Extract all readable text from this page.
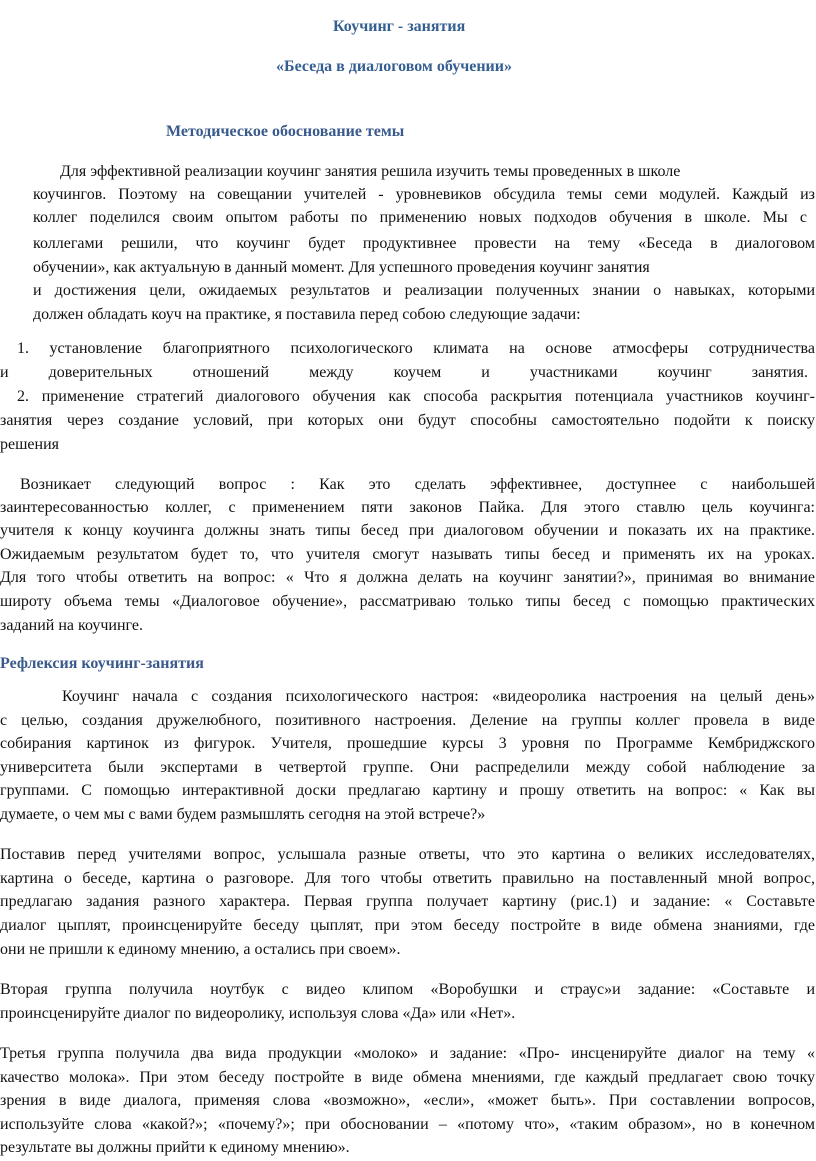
Коучинг - занятия
«Беседа в диалоговом обучении»
Методическое обоснование темы
Для эффективной реализации коучинг занятия решила изучить темы проведенных в школе
коучингов. Поэтому на совещании учителей - уровневиков обсудила темы семи модулей. Каждый из
коллег поделился своим опытом работы по применению новых подходов обучения в школе. Мы с
коллегами решили, что коучинг будет продуктивнее провести на тему «Беседа в диалоговом
обучении», как актуальную в данный момент. Для успешного проведения коучинг занятия
и достижения цели, ожидаемых результатов и реализации полученных знании о навыках, которыми
должен обладать коуч на практике, я поставила перед собою следующие задачи:
1. установление благоприятного психологического климата на основе атмосферы сотрудничества
и доверительных отношений между коучем и участниками коучинг занятия.
2. применение стратегий диалогового обучения как способа раскрытия потенциала участников коучинг-
занятия через создание условий, при которых они будут способны самостоятельно подойти к поиску
решения
Возникает следующий вопрос : Как это сделать эффективнее, доступнее с наибольшей
заинтересованностью коллег, с применением пяти законов Пайка. Для этого ставлю цель коучинга:
учителя к концу коучинга должны знать типы бесед при диалоговом обучении и показать их на практике.
Ожидаемым результатом будет то, что учителя смогут называть типы бесед и применять их на уроках.
Для того чтобы ответить на вопрос: « Что я должна делать на коучинг занятии?», принимая во внимание
широту объема темы «Диалоговое обучение», рассматриваю только типы бесед с помощью практических
заданий на коучинге.
Рефлексия коучинг-занятия
Коучинг начала с создания психологического настроя: «видеоролика настроения на целый день»
с целью, создания дружелюбного, позитивного настроения. Деление на группы коллег провела в виде
собирания картинок из фигурок. Учителя, прошедшие курсы 3 уровня по Программе Кембриджского
университета были экспертами в четвертой группе. Они распределили между собой наблюдение за
группами. С помощью интерактивной доски предлагаю картину и прошу ответить на вопрос: « Как вы
думаете, о чем мы с вами будем размышлять сегодня на этой встрече?»
Поставив перед учителями вопрос, услышала разные ответы, что это картина о великих исследователях,
картина о беседе, картина о разговоре. Для того чтобы ответить правильно на поставленный мной вопрос,
предлагаю задания разного характера. Первая группа получает картину (рис.1) и задание: « Составьте
диалог цыплят, проинсценируйте беседу цыплят, при этом беседу постройте в виде обмена знаниями, где
они не пришли к единому мнению, а остались при своем».
Вторая группа получила ноутбук с видео клипом «Воробушки и страус»и задание: «Составьте и
проинсценируйте диалог по видеоролику, используя слова «Да» или «Нет».
Третья группа получила два вида продукции «молоко» и задание: «Про- инсценируйте диалог на тему «
качество молока». При этом беседу постройте в виде обмена мнениями, где каждый предлагает свою точку
зрения в виде диалога, применяя слова «возможно», «если», «может быть». При составлении вопросов,
используйте слова «какой?»; «почему?»; при обосновании – «потому что», «таким образом», но в конечном
результате вы должны прийти к единому мнению».
